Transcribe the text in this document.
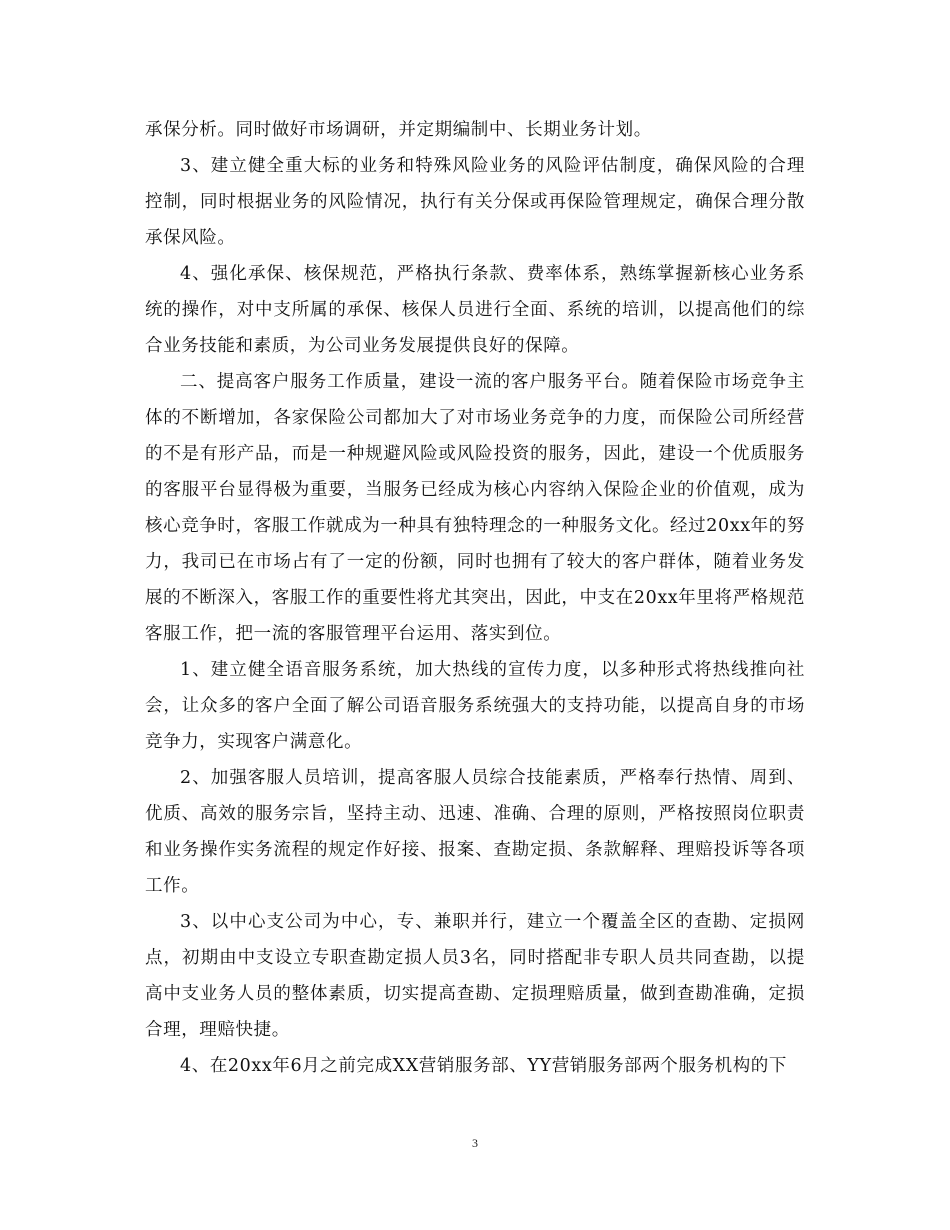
承保分析。同时做好市场调研，并定期编制中、长期业务计划。

3、建立健全重大标的业务和特殊风险业务的风险评估制度，确保风险的合理控制，同时根据业务的风险情况，执行有关分保或再保险管理规定，确保合理分散承保风险。

4、强化承保、核保规范，严格执行条款、费率体系，熟练掌握新核心业务系统的操作，对中支所属的承保、核保人员进行全面、系统的培训，以提高他们的综合业务技能和素质，为公司业务发展提供良好的保障。

二、提高客户服务工作质量，建设一流的客户服务平台。随着保险市场竞争主体的不断增加，各家保险公司都加大了对市场业务竞争的力度，而保险公司所经营的不是有形产品，而是一种规避风险或风险投资的服务，因此，建设一个优质服务的客服平台显得极为重要，当服务已经成为核心内容纳入保险企业的价值观，成为核心竞争时，客服工作就成为一种具有独特理念的一种服务文化。经过20xx年的努力，我司已在市场占有了一定的份额，同时也拥有了较大的客户群体，随着业务发展的不断深入，客服工作的重要性将尤其突出，因此，中支在20xx年里将严格规范客服工作，把一流的客服管理平台运用、落实到位。

1、建立健全语音服务系统，加大热线的宣传力度，以多种形式将热线推向社会，让众多的客户全面了解公司语音服务系统强大的支持功能，以提高自身的市场竞争力，实现客户满意化。

2、加强客服人员培训，提高客服人员综合技能素质，严格奉行热情、周到、优质、高效的服务宗旨，坚持主动、迅速、准确、合理的原则，严格按照岗位职责和业务操作实务流程的规定作好接、报案、查勘定损、条款解释、理赔投诉等各项工作。

3、以中心支公司为中心，专、兼职并行，建立一个覆盖全区的查勘、定损网点，初期由中支设立专职查勘定损人员3名，同时搭配非专职人员共同查勘，以提高中支业务人员的整体素质，切实提高查勘、定损理赔质量，做到查勘准确，定损合理，理赔快捷。

4、在20xx年6月之前完成XX营销服务部、YY营销服务部两个服务机构的下

3
